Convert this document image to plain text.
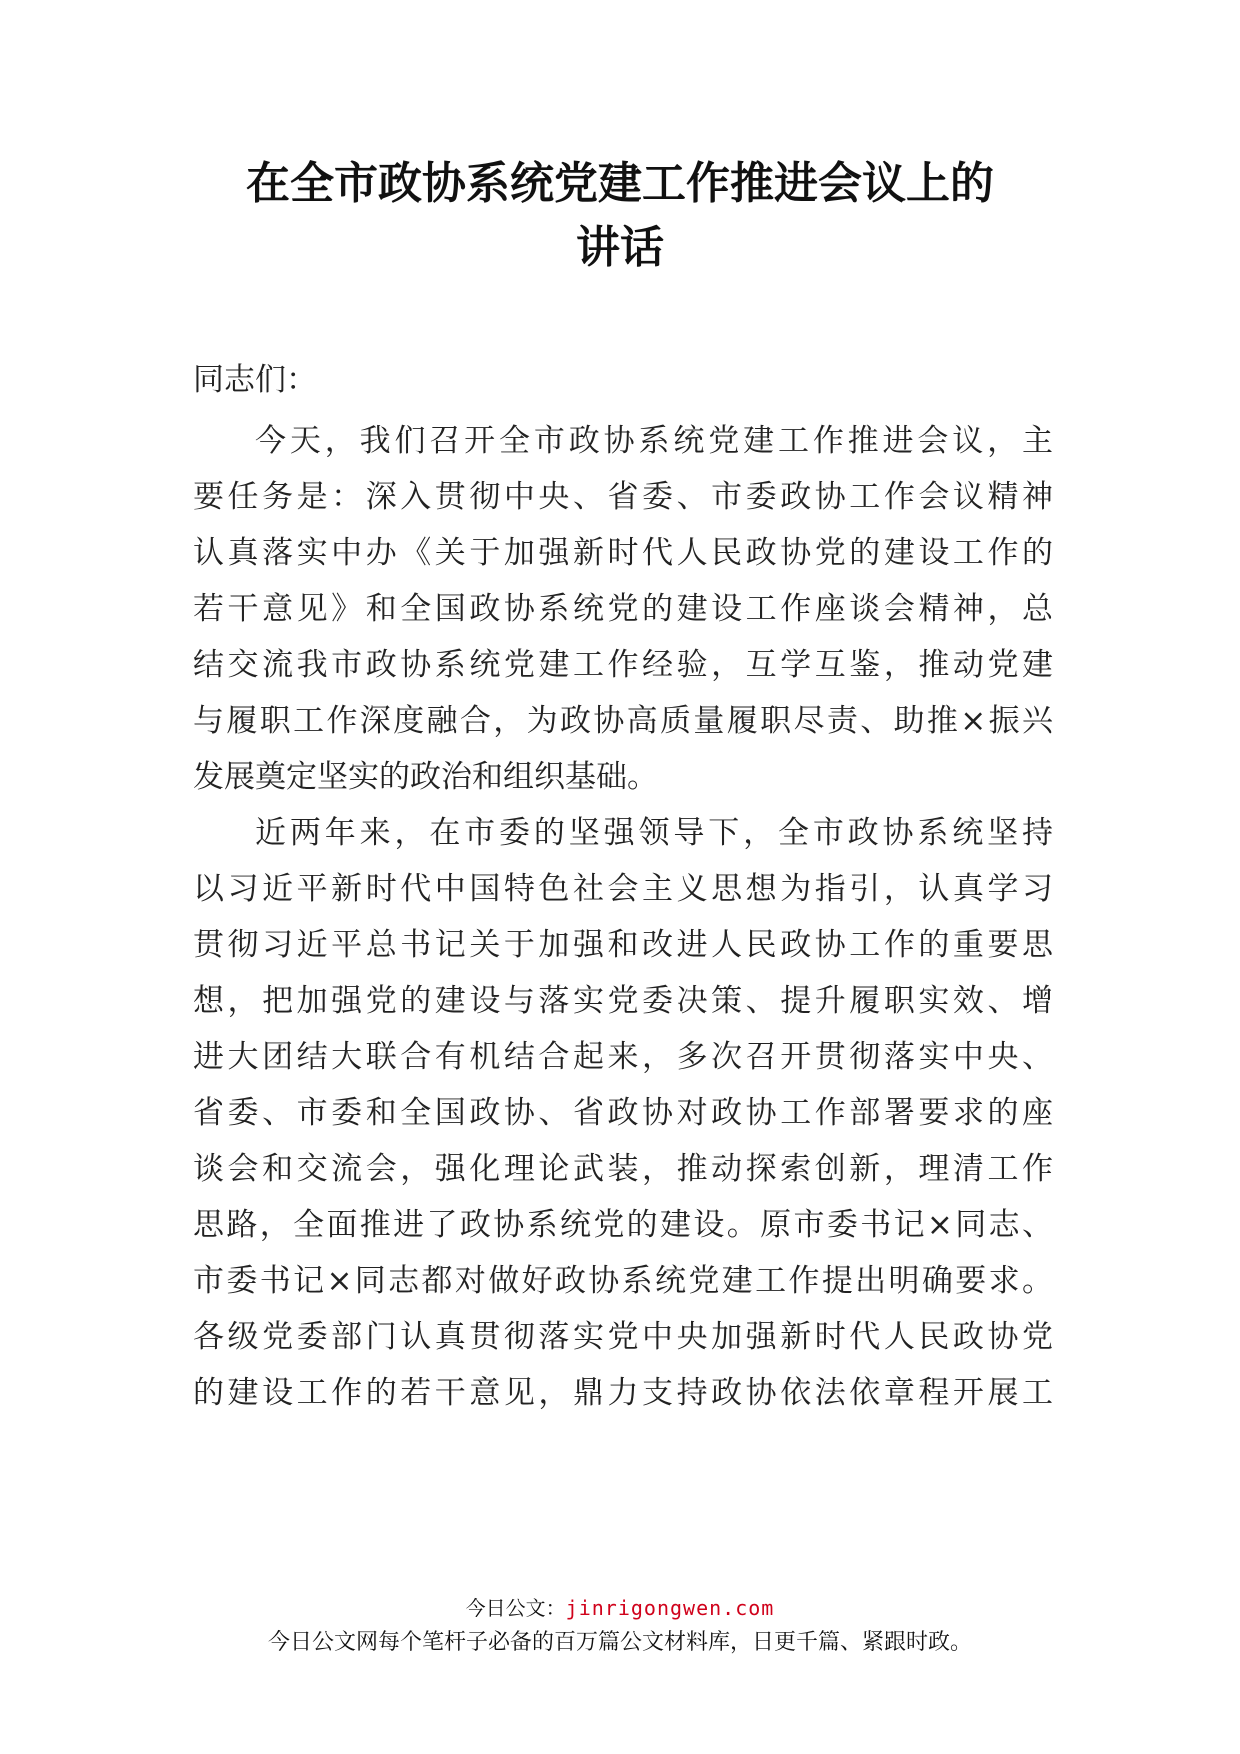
在全市政协系统党建工作推进会议上的
讲话
同志们：
今天，我们召开全市政协系统党建工作推进会议，主
要任务是：深入贯彻中央、省委、市委政协工作会议精神
认真落实中办《关于加强新时代人民政协党的建设工作的
若干意见》和全国政协系统党的建设工作座谈会精神，总
结交流我市政协系统党建工作经验，互学互鉴，推动党建
与履职工作深度融合，为政协高质量履职尽责、助推×振兴
发展奠定坚实的政治和组织基础。
近两年来，在市委的坚强领导下，全市政协系统坚持
以习近平新时代中国特色社会主义思想为指引，认真学习
贯彻习近平总书记关于加强和改进人民政协工作的重要思
想，把加强党的建设与落实党委决策、提升履职实效、增
进大团结大联合有机结合起来，多次召开贯彻落实中央、
省委、市委和全国政协、省政协对政协工作部署要求的座
谈会和交流会，强化理论武装，推动探索创新，理清工作
思路，全面推进了政协系统党的建设。原市委书记×同志、
市委书记×同志都对做好政协系统党建工作提出明确要求。
各级党委部门认真贯彻落实党中央加强新时代人民政协党
的建设工作的若干意见，鼎力支持政协依法依章程开展工
今日公文：jinrigongwen.com
今日公文网每个笔杆子必备的百万篇公文材料库，日更千篇、紧跟时政。
